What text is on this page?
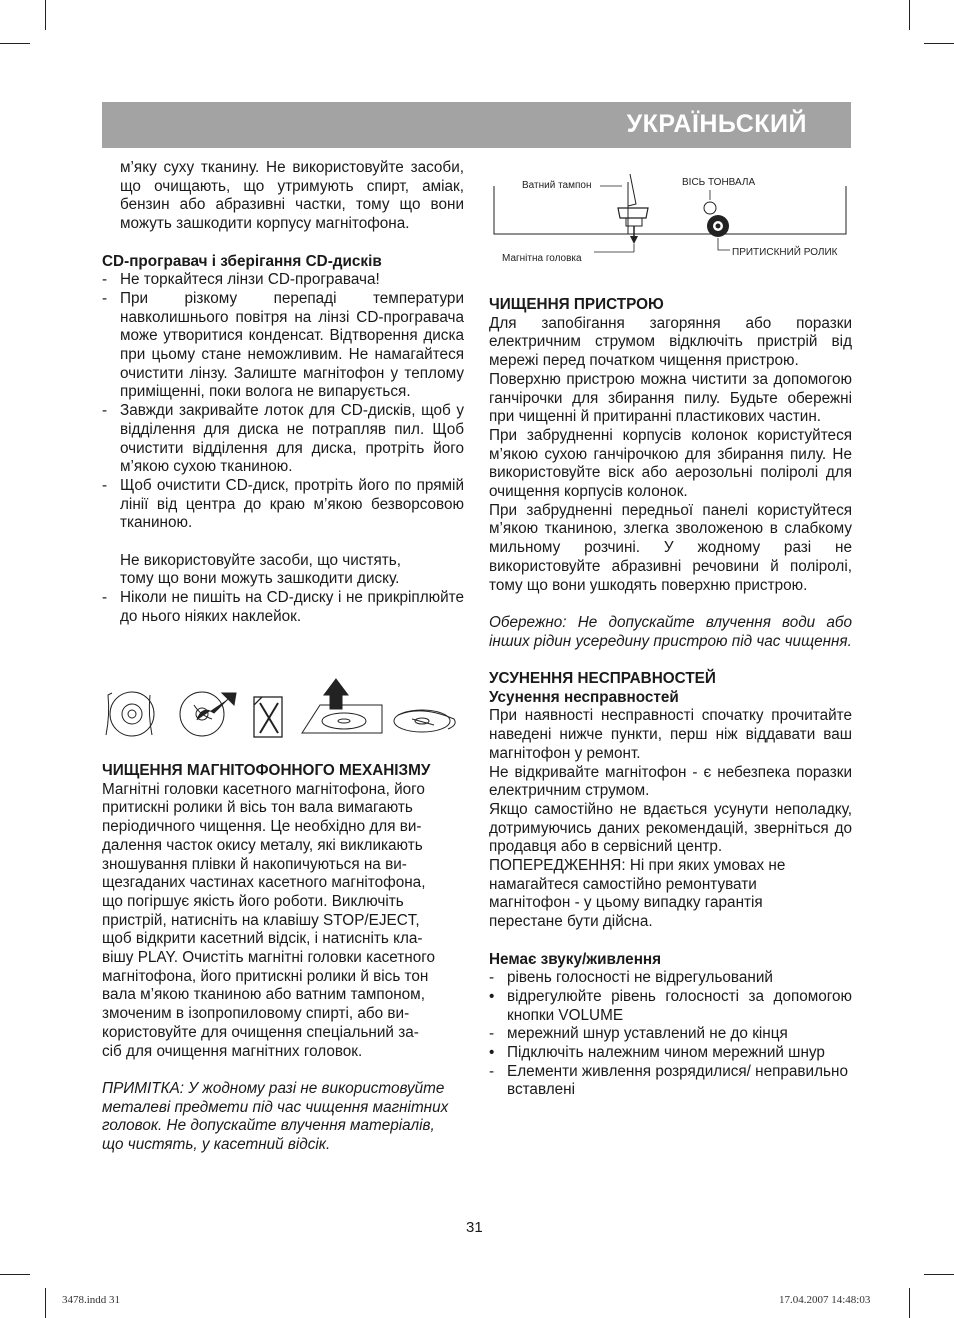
УКРАЇНЬСКИЙ

м’яку суху тканину. Не використовуйте засоби, що очищають, що утримують спирт, аміак, бензин або абразивні частки, тому що вони можуть зашкодити корпусу магнітофона.

CD-програвач і зберігання CD-дисків

- Не торкайтеся лінзи CD-програвача!
- При різкому перепаді температури навколишнього повітря на лінзі CD-програвача може утворитися конденсат. Відтворення диска при цьому стане неможливим. Не намагайтеся очистити лінзу. Залиште магнітофон у теплому приміщенні, поки волога не випарується.
- Завжди закривайте лоток для CD-дисків, щоб у відділення для диска не потрапляв пил. Щоб очистити відділення для диска, протріть його м’якою сухою тканиною.
- Щоб очистити CD-диск, протріть його по прямій лінії від центра до краю м’якою безворсовою тканиною.

Не використовуйте засоби, що чистять,

тому що вони можуть зашкодити диску.

- Ніколи не пишіть на CD-диску і не прикріплюйте до нього ніяких наклейок.

ЧИЩЕННЯ МАГНІТОФОННОГО МЕХАНІЗМУ

Магнітні головки касетного магнітофона, його

притискні ролики й вісь тон вала вимагають

періодичного чищення. Це необхідно для ви-

далення часток окису металу, які викликають

зношування плівки й накопичуються на ви-

щезгаданих частинах касетного магнітофона,

що погіршує якість його роботи. Виключіть

пристрій, натисніть на клавішу STOP/EJECT,

щоб відкрити касетний відсік, і натисніть кла-

вішу PLAY. Очистіть магнітні головки касетного

магнітофона, його притискні ролики й вісь тон

вала м’якою тканиною або ватним тампоном,

змоченим в ізопропиловому спирті, або ви-

користовуйте для очищення спеціальний за-

сіб для очищення магнітних головок.

ПРИМІТКА: У жодному разі не використовуйте

металеві предмети під час чищення магнітних

головок. Не допускайте влучення матеріалів,

що чистять, у касетний відсік.

Ватний тампон	ВІСЬ ТОНВАЛА
Магнітна головка
ПРИТИСКНИЙ РОЛИК

ЧИЩЕННЯ ПРИСТРОЮ

Для запобігання загоряння або поразки електричним струмом відключіть пристрій від мережі перед початком чищення пристрою.

Поверхню пристрою можна чистити за допомогою ганчірочки для збирання пилу. Будьте обережні при чищенні й притиранні пластикових частин.

При забрудненні корпусів колонок користуйтеся м’якою сухою ганчірочкою для збирання пилу. Не використовуйте віск або аерозольні поліролі для очищення корпусів колонок.

При забрудненні передньої панелі користуйтеся м’якою тканиною, злегка зволоженою в слабкому мильному розчині. У жодному разі не використовуйте абразивні речовини й поліролі, тому що вони ушкодять поверхню пристрою.

Обережно: Не допускайте влучення води або інших рідин усередину пристрою під час чищення.

УСУНЕННЯ НЕСПРАВНОСТЕЙ

Усунення несправностей

При наявності несправності спочатку прочитайте наведені нижче пункти, перш ніж віддавати ваш магнітофон у ремонт.

Не відкривайте магнітофон - є небезпека поразки електричним струмом.

Якщо самостійно не вдається усунути неполадку, дотримуючись даних рекомендацій, зверніться до продавця або в сервісний центр.

ПОПЕРЕДЖЕННЯ: Ні при яких умовах не

намагайтеся самостійно ремонтувати

магнітофон - у цьому випадку гарантія

перестане бути дійсна.

Немає звуку/живлення

- рівень голосності не відрегульований
• відрегулюйте рівень голосності за допомогою кнопки VOLUME
- мережний шнур уставлений не до кінця
• Підключіть належним чином мережний шнур
- Елементи живлення розрядилися/ неправильно вставлені
31
3478.indd 31	17.04.2007 14:48:03
